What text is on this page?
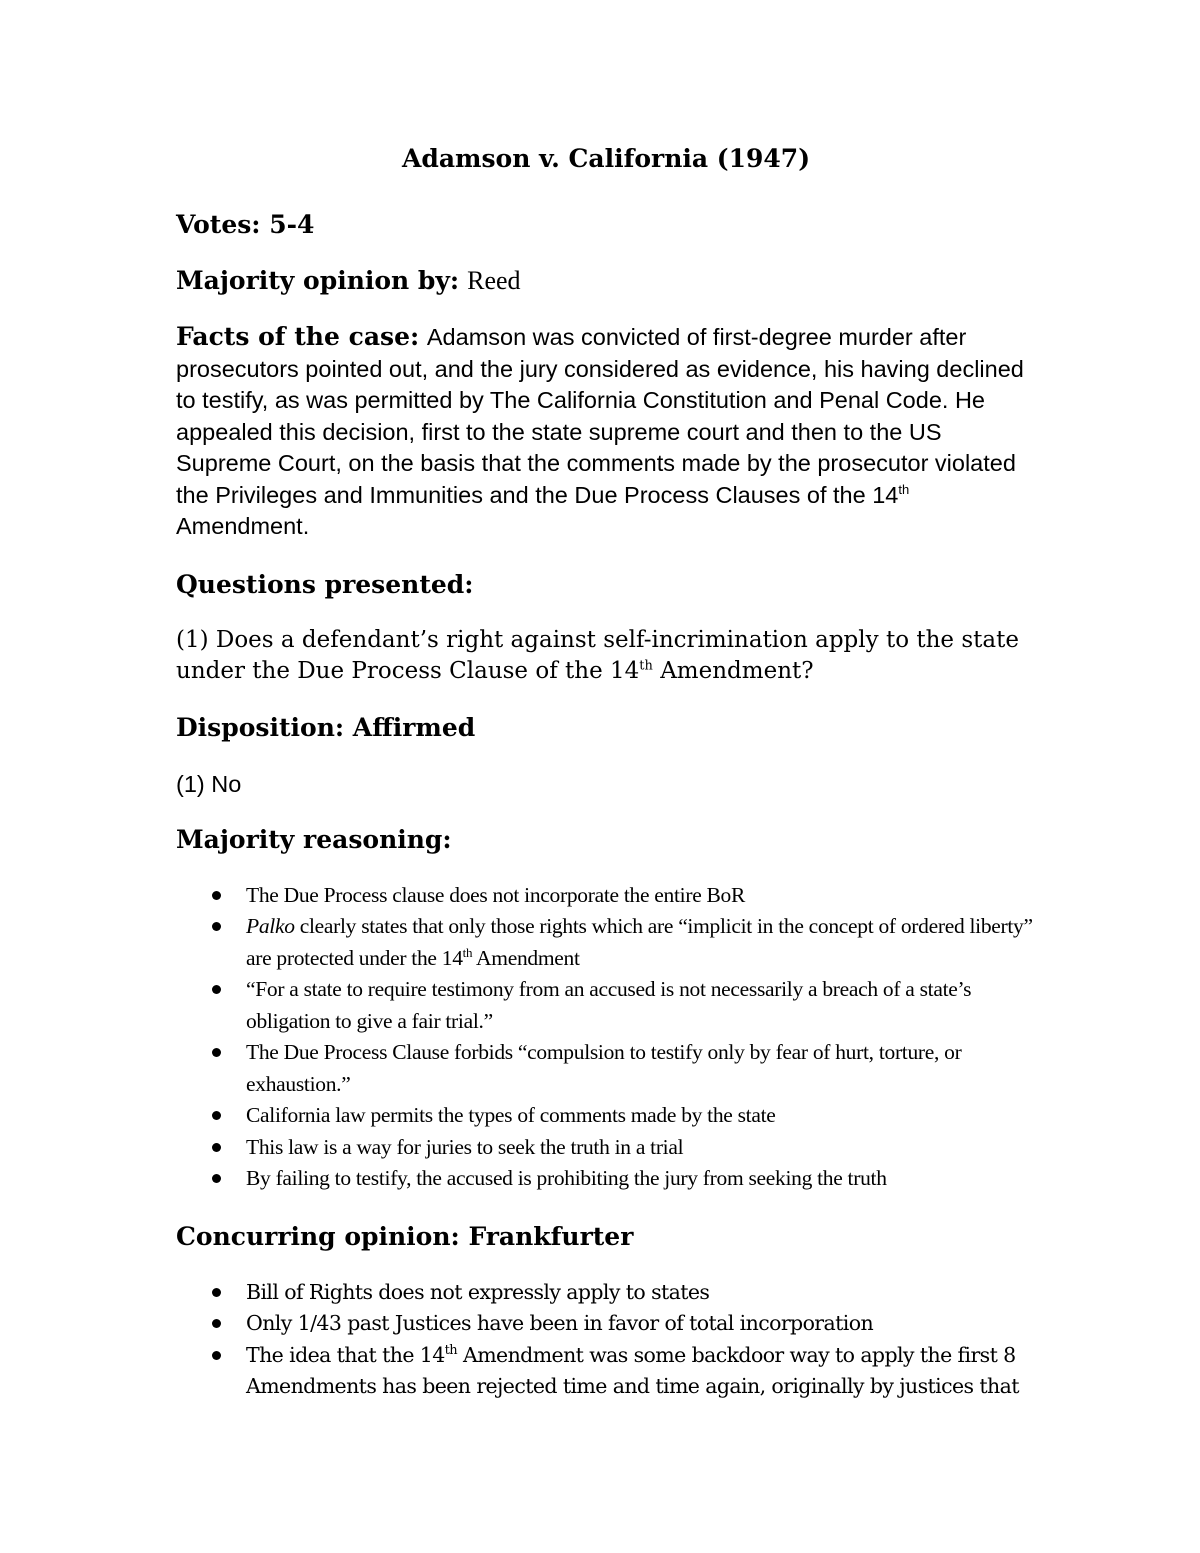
Adamson v. California (1947)

Votes: 5-4

Majority opinion by: Reed

Facts of the case: Adamson was convicted of first-degree murder after prosecutors pointed out, and the jury considered as evidence, his having declined to testify, as was permitted by The California Constitution and Penal Code. He appealed this decision, first to the state supreme court and then to the US Supreme Court, on the basis that the comments made by the prosecutor violated the Privileges and Immunities and the Due Process Clauses of the 14th Amendment.

Questions presented:

(1) Does a defendant’s right against self-incrimination apply to the state under the Due Process Clause of the 14th Amendment?

Disposition: Affirmed

(1) No

Majority reasoning:
The Due Process clause does not incorporate the entire BoR
Palko clearly states that only those rights which are “implicit in the concept of ordered liberty” are protected under the 14th Amendment
“For a state to require testimony from an accused is not necessarily a breach of a state’s obligation to give a fair trial.”
The Due Process Clause forbids “compulsion to testify only by fear of hurt, torture, or exhaustion.”
California law permits the types of comments made by the state
This law is a way for juries to seek the truth in a trial
By failing to testify, the accused is prohibiting the jury from seeking the truth
Concurring opinion: Frankfurter
Bill of Rights does not expressly apply to states
Only 1/43 past Justices have been in favor of total incorporation
The idea that the 14th Amendment was some backdoor way to apply the first 8 Amendments has been rejected time and time again, originally by justices that
